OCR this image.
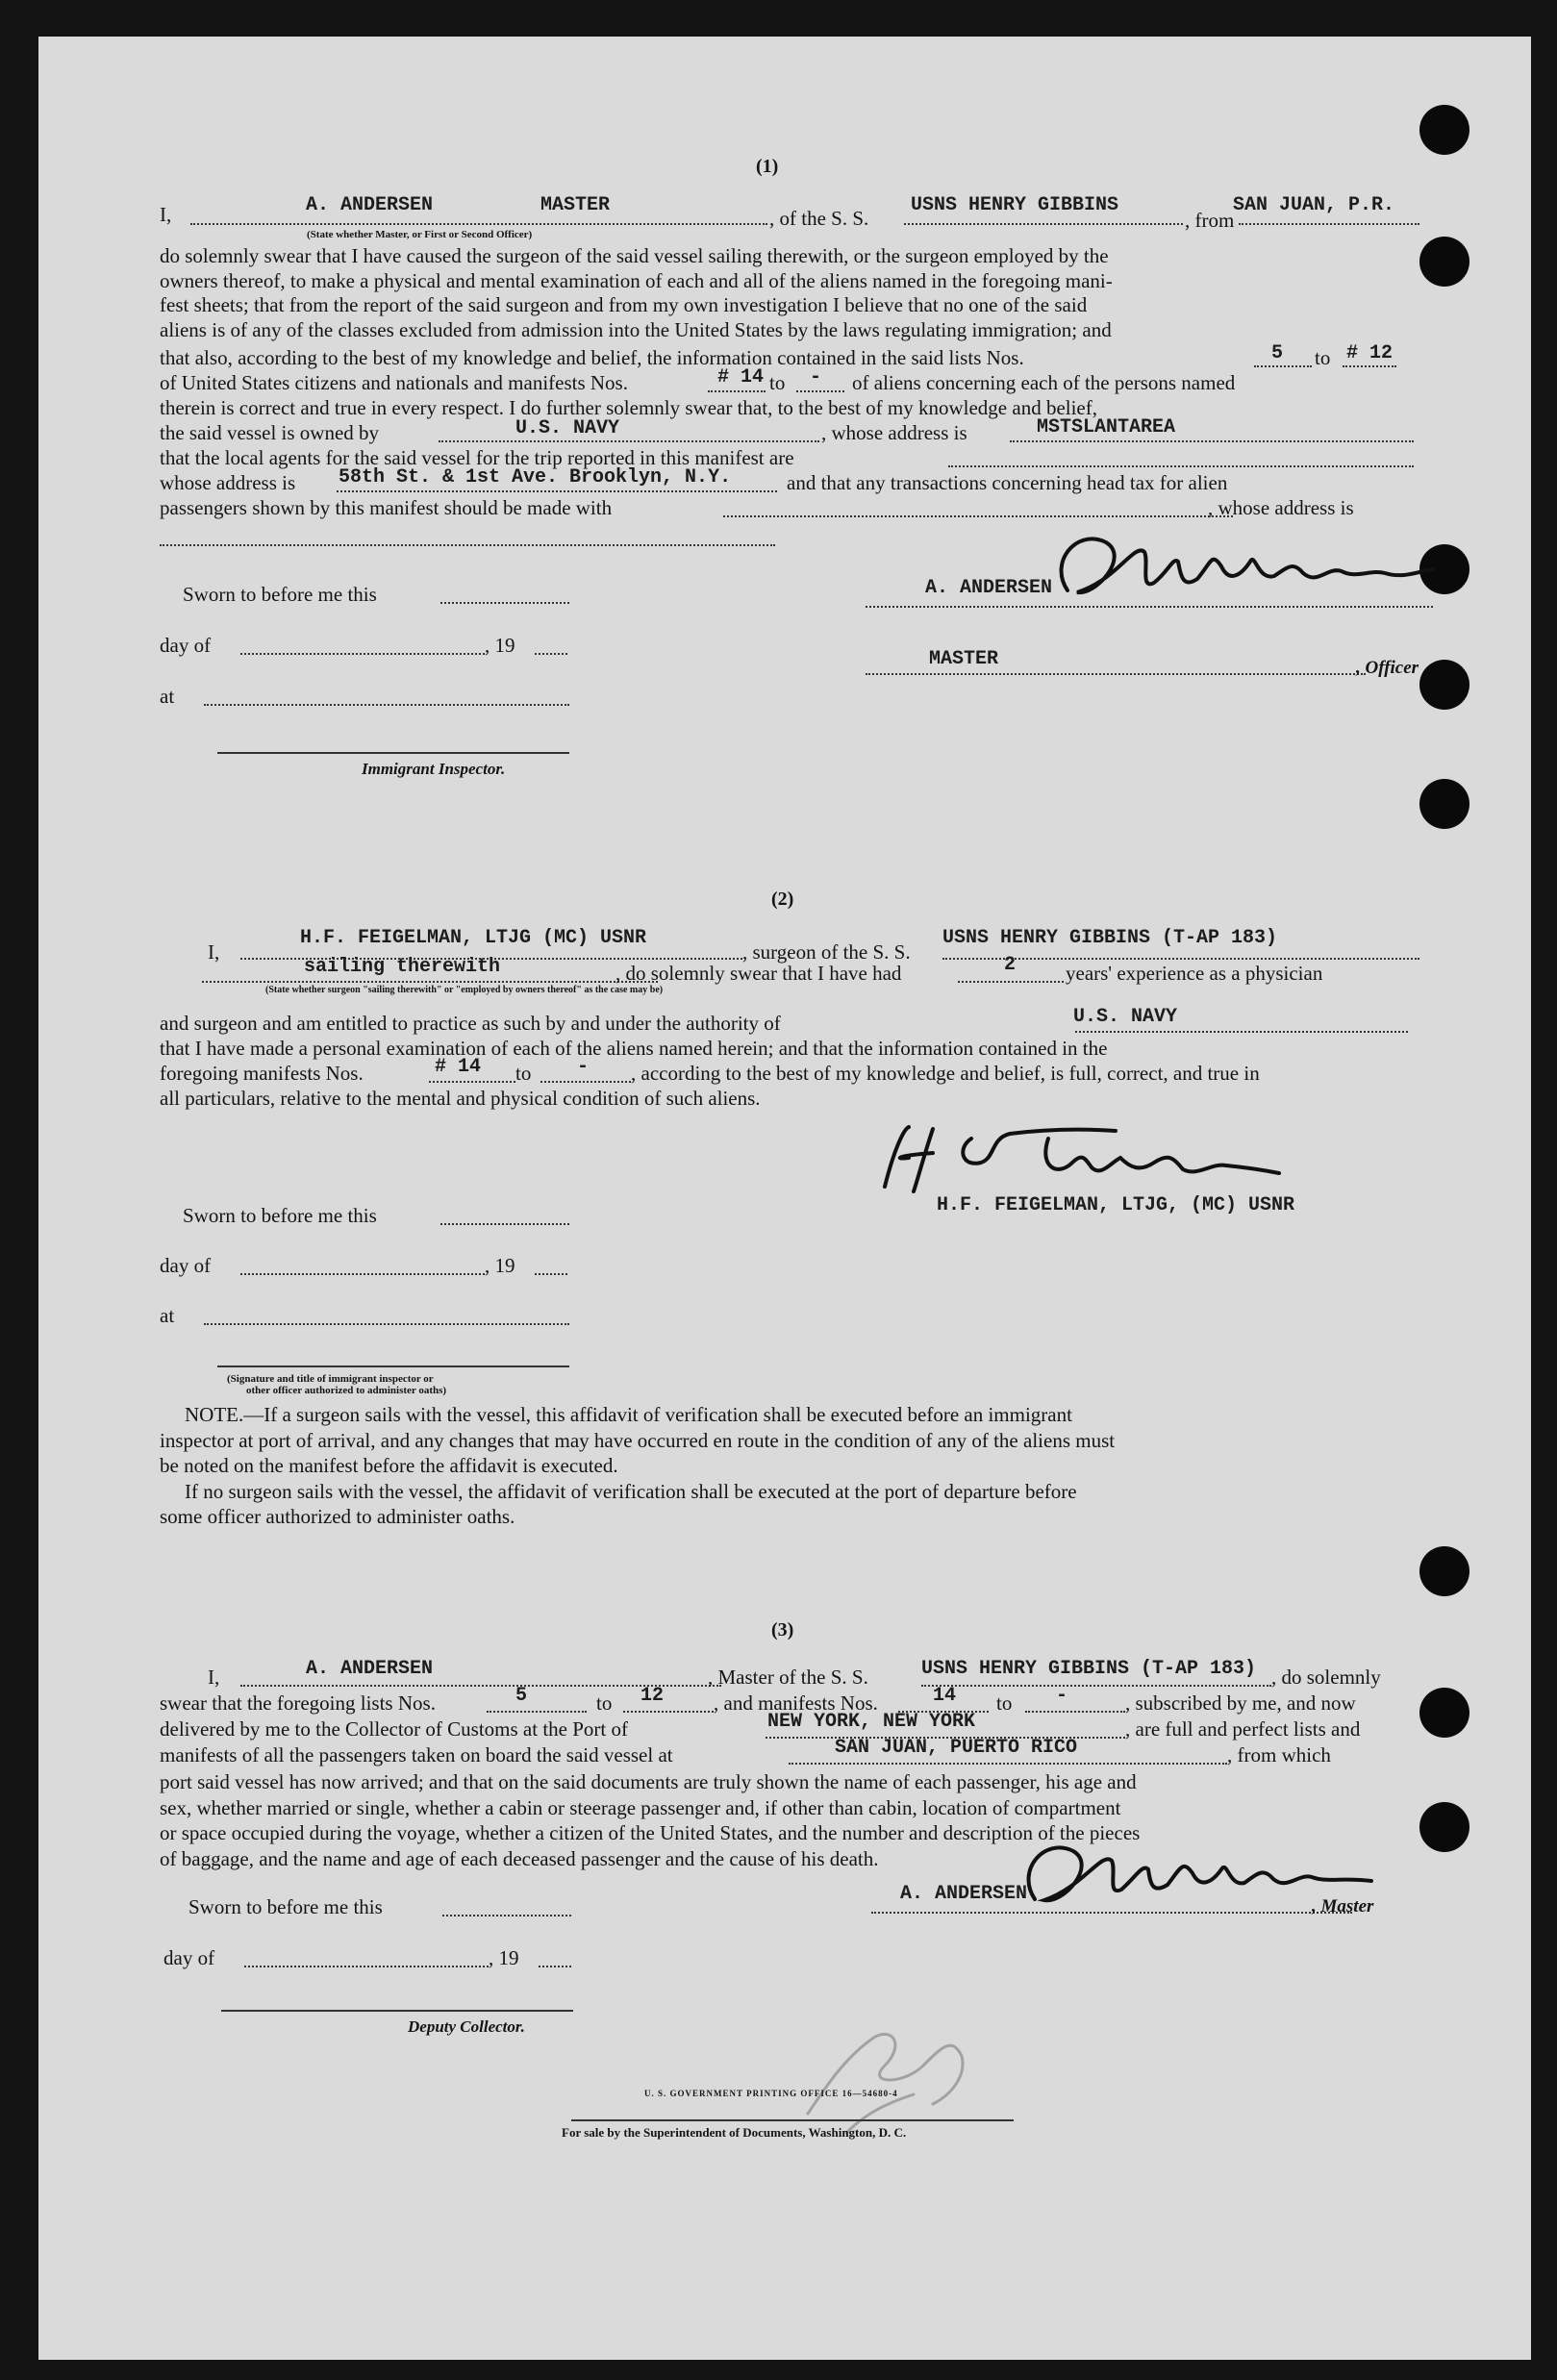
(1)
I,	A. ANDERSEN	MASTER
, of the S. S.
USNS HENRY GIBBINS
, from
SAN JUAN, P.R.
(State whether Master, or First or Second Officer)
do solemnly swear that I have caused the surgeon of the said vessel sailing therewith, or the surgeon employed by the
owners thereof, to make a physical and mental examination of each and all of the aliens named in the foregoing mani-
fest sheets; that from the report of the said surgeon and from my own investigation I believe that no one of the said
aliens is of any of the classes excluded from admission into the United States by the laws regulating immigration; and
that also, according to the best of my knowledge and belief, the information contained in the said lists Nos.	5 to # 12
of United States citizens and nationals and manifests Nos.	# 14 to - of aliens concerning each of the persons named
therein is correct and true in every respect. I do further solemnly swear that, to the best of my knowledge and belief,
the said vessel is owned by	U.S. NAVY	, whose address is	MSTSLANTAREA
that the local agents for the said vessel for the trip reported in this manifest are
whose address is 58th St. & 1st Ave. Brooklyn, N.Y.	and that any transactions concerning head tax for alien
passengers shown by this manifest should be made with	, whose address is
Sworn to before me this
day of	, 19
at
Immigrant Inspector.
A. ANDERSEN
MASTER	, Officer
(2)
I,
H.F. FEIGELMAN, LTJG (MC) USNR
, surgeon of the S. S.
USNS HENRY GIBBINS (T-AP 183)
sailing therewith	, do solemnly swear that I have had	2 years' experience as a physician
(State whether surgeon "sailing therewith" or "employed by owners thereof" as the case may be)
and surgeon and am entitled to practice as such by and under the authority of	U.S. NAVY
that I have made a personal examination of each of the aliens named herein; and that the information contained in the
foregoing manifests Nos.	# 14 to - , according to the best of my knowledge and belief, is full, correct, and true in
all particulars, relative to the mental and physical condition of such aliens.
H.F. FEIGELMAN, LTJG, (MC) USNR
Sworn to before me this
day of	, 19
at
(Signature and title of immigrant inspector or
other officer authorized to administer oaths)
NOTE.—If a surgeon sails with the vessel, this affidavit of verification shall be executed before an immigrant
inspector at port of arrival, and any changes that may have occurred en route in the condition of any of the aliens must
be noted on the manifest before the affidavit is executed.
If no surgeon sails with the vessel, the affidavit of verification shall be executed at the port of departure before
some officer authorized to administer oaths.
(3)
I,	A. ANDERSEN	, Master of the S. S.	USNS HENRY GIBBINS (T-AP 183) , do solemnly
swear that the foregoing lists Nos.	5	to 12 , and manifests Nos.	14 to -	, subscribed by me, and now
delivered by me to the Collector of Customs at the Port of	NEW YORK, NEW YORK	, are full and perfect lists and
manifests of all the passengers taken on board the said vessel at	SAN JUAN, PUERTO RICO	, from which
port said vessel has now arrived; and that on the said documents are truly shown the name of each passenger, his age and
sex, whether married or single, whether a cabin or steerage passenger and, if other than cabin, location of compartment
or space occupied during the voyage, whether a citizen of the United States, and the number and description of the pieces
of baggage, and the name and age of each deceased passenger and the cause of his death.
Sworn to before me this
day of	, 19
Deputy Collector.
A. ANDERSEN
, Master
U. S. GOVERNMENT PRINTING OFFICE 16—54680-4
For sale by the Superintendent of Documents, Washington, D. C.
